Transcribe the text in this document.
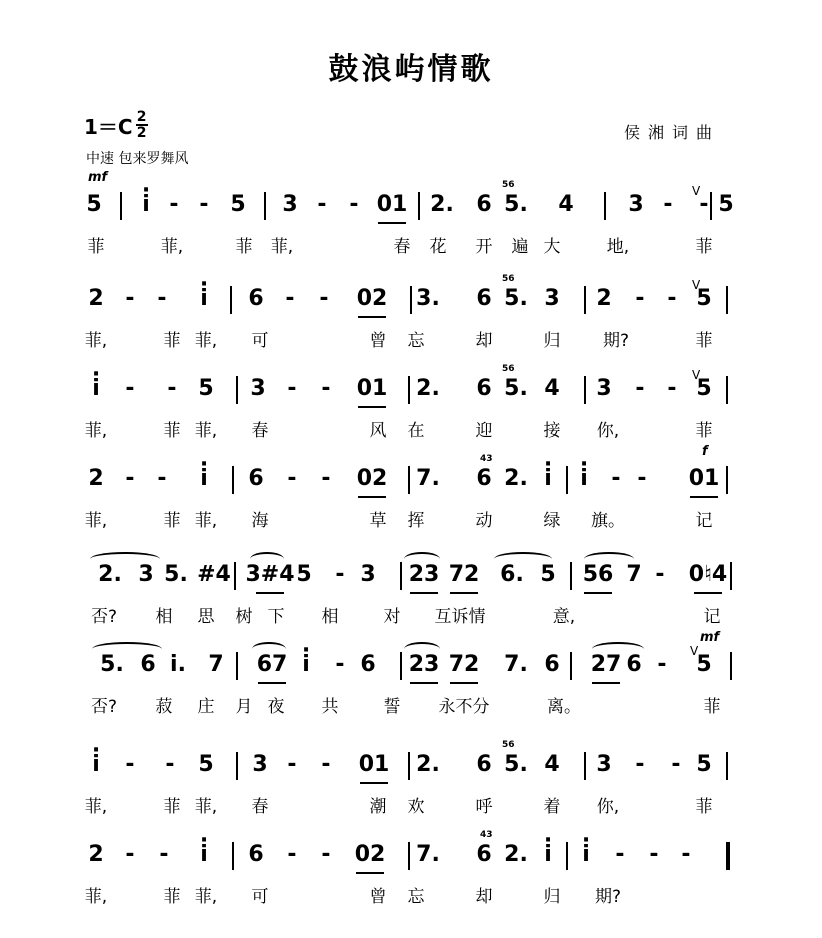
鼓浪屿情歌
$1=C \frac{2}{2}$	侯湘词曲
中速 包来罗舞风
mf
5 · i - - 5 3 - - 01 2. 6 5. 4 3 - - 5
菲	菲,	菲 菲,	春 花 开 遍 大	地,	菲
56	V
2 - - · i 6 - - 02 3. 6 5. 3 2 - - 5
菲,	菲 菲, 可	曾 忘	却	归 期?	菲
56	V
· i - - 5 3 - - 01 2. 6 5. 4 3 - - 5
菲,	菲 菲, 春	风 在	迎	接 你,	菲
56	V
2 - - · i 6 - - 02 7. 6 2. · i · i - - 01
菲,	菲 菲, 海	草 挥	动	绿 旗。	记
43	f
2. 3 5. #4 3#4 5 - 3 23 72 6. 5 56 7 - 0♮4
否? 相 思 树 下 相	对 互诉情	意,	记
5. 6 i. 7 67 · i - 6 23 72 7. 6 27 6 - 5
否? 菽 庄 月 夜 共	誓 永不分	离。	菲
mf
V
· i - - 5 3 - - 01 2. 6 5. 4 3 - - 5
菲,	菲 菲, 春	潮 欢	呼	着 你,	菲
56
2 - - · i 6 - - 02 7. 6 2. · i · i - - -
菲,	菲 菲, 可	曾 忘	却	归 期?
43
